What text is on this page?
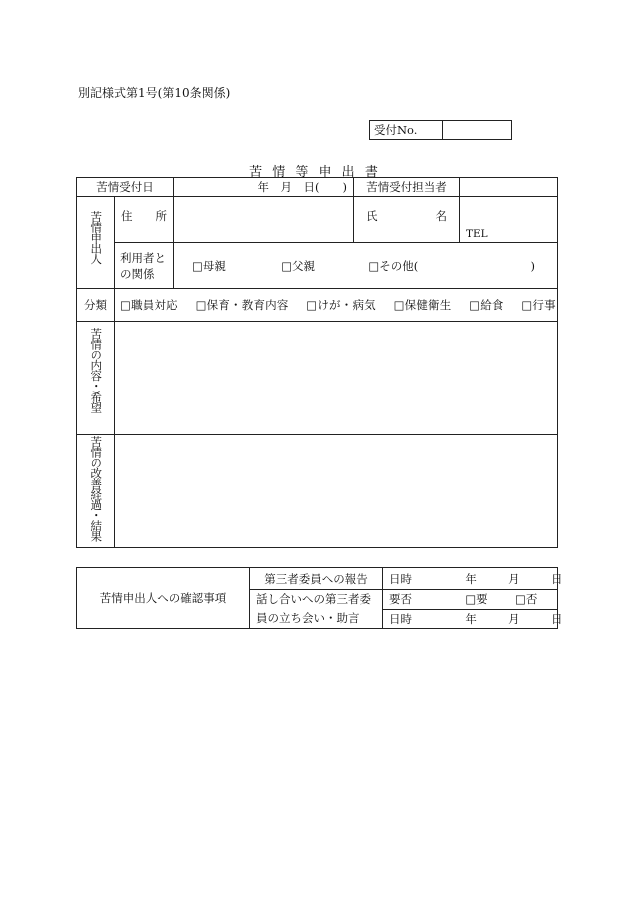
別記様式第1号(第10条関係)
受付No.	
苦 情 等 申 出 書
苦情受付日		年　月　日(　　)	苦情受付担当者		

苦情申出人	住　　所		氏 名	TEL	
	利用者との関係	□母親 □父親 □その他( )			
分類	□職員対応 □保育・教育内容 □けが・病気 □保健衛生 □給食 □行事				

苦情の内容・希望					

苦情の改善経過・結果					

苦情申出人への確認事項	第三者委員への報告	日時 年 月 日
	話し合いへの第三者委員の立ち会い・助言	要否 □要 □否
		日時 年 月 日
